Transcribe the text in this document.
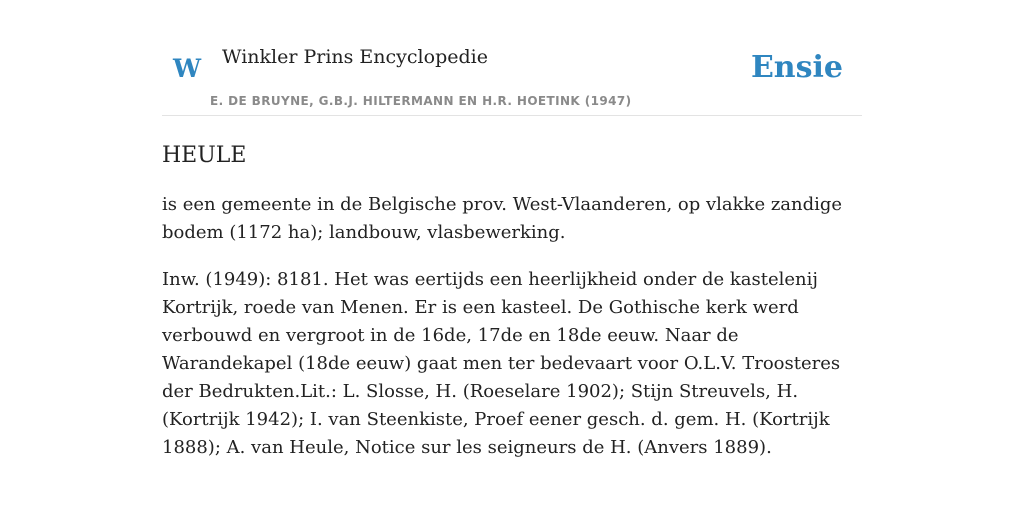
W Winkler Prins Encyclopedie
E. DE BRUYNE, G.B.J. HILTERMANN EN H.R. HOETINK (1947)
Ensie
HEULE

is een gemeente in de Belgische prov. West-Vlaanderen, op vlakke zandige bodem (1172 ha); landbouw, vlasbewerking.

Inw. (1949): 8181. Het was eertijds een heerlijkheid onder de kastelenij Kortrijk, roede van Menen. Er is een kasteel. De Gothische kerk werd verbouwd en vergroot in de 16de, 17de en 18de eeuw. Naar de Warandekapel (18de eeuw) gaat men ter bedevaart voor O.L.V. Troosteres der Bedrukten.Lit.: L. Slosse, H. (Roeselare 1902); Stijn Streuvels, H. (Kortrijk 1942); I. van Steenkiste, Proef eener gesch. d. gem. H. (Kortrijk 1888); A. van Heule, Notice sur les seigneurs de H. (Anvers 1889).
